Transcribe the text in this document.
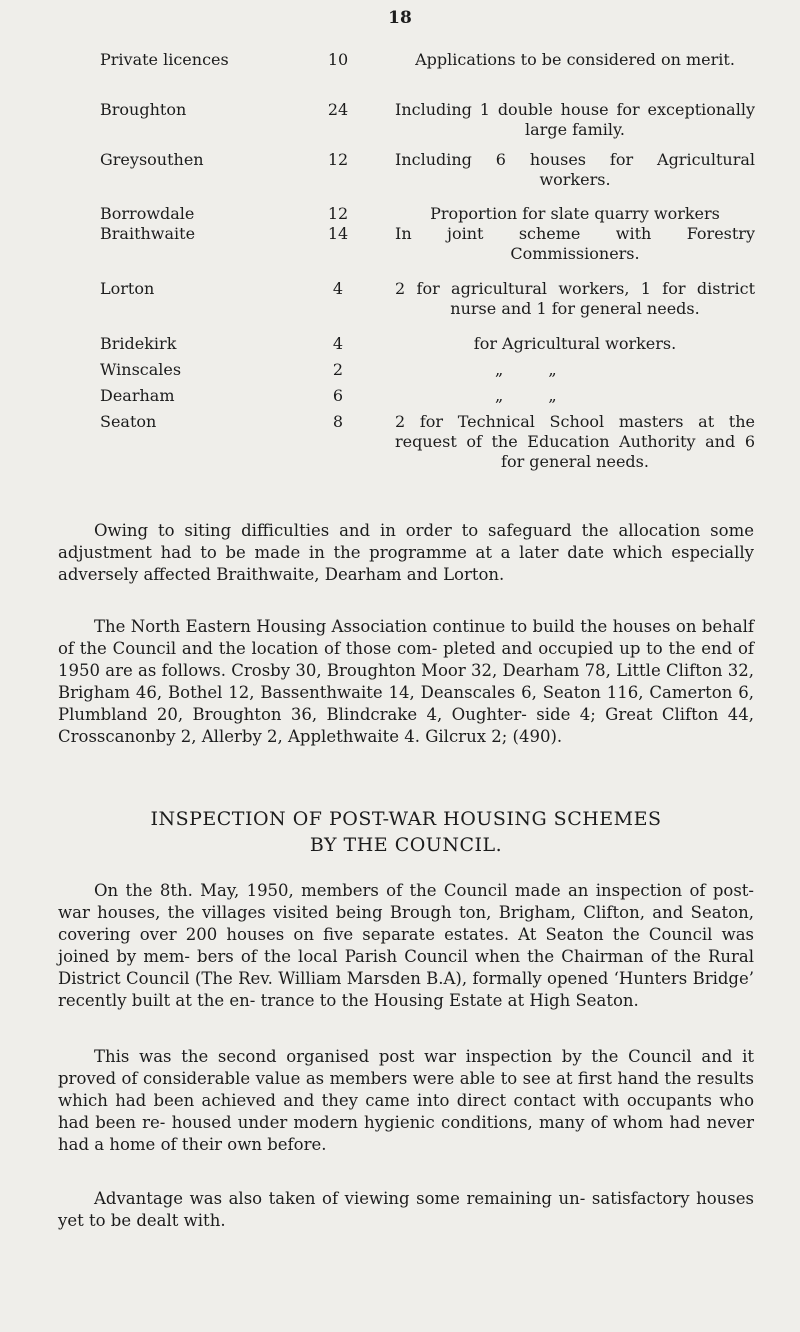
18
Private licences	10	Applications to be considered on merit.
Broughton	24	Including 1 double house for exceptionally large family.
Greysouthen	12	Including 6 houses for Agricultural workers.
Borrowdale	12	Proportion for slate quarry workers
Braithwaite	14	In joint scheme with Forestry Commissioners.
Lorton	4	2 for agricultural workers, 1 for district nurse and 1 for general needs.
Bridekirk	4	for Agricultural workers.
Winscales	2	„ „
Dearham	6	„ „
Seaton	8	2 for Technical School masters at the request of the Education Authority and 6 for general needs.

Owing to siting difficulties and in order to safeguard the allocation some adjustment had to be made in the programme at a later date which especially adversely affected Braithwaite, Dearham and Lorton.

The North Eastern Housing Association continue to build the houses on behalf of the Council and the location of those com- pleted and occupied up to the end of 1950 are as follows. Crosby 30, Broughton Moor 32, Dearham 78, Little Clifton 32, Brigham 46, Bothel 12, Bassenthwaite 14, Deanscales 6, Seaton 116, Camerton 6, Plumbland 20, Broughton 36, Blindcrake 4, Oughter- side 4; Great Clifton 44, Crosscanonby 2, Allerby 2, Applethwaite 4. Gilcrux 2; (490).

INSPECTION OF POST-WAR HOUSING SCHEMES
BY THE COUNCIL.

On the 8th. May, 1950, members of the Council made an inspection of post-war houses, the villages visited being Brough ton, Brigham, Clifton, and Seaton, covering over 200 houses on five separate estates. At Seaton the Council was joined by mem- bers of the local Parish Council when the Chairman of the Rural District Council (The Rev. William Marsden B.A), formally opened ‘Hunters Bridge’ recently built at the en- trance to the Housing Estate at High Seaton.

This was the second organised post war inspection by the Council and it proved of considerable value as members were able to see at first hand the results which had been achieved and they came into direct contact with occupants who had been re- housed under modern hygienic conditions, many of whom had never had a home of their own before.

Advantage was also taken of viewing some remaining un- satisfactory houses yet to be dealt with.
